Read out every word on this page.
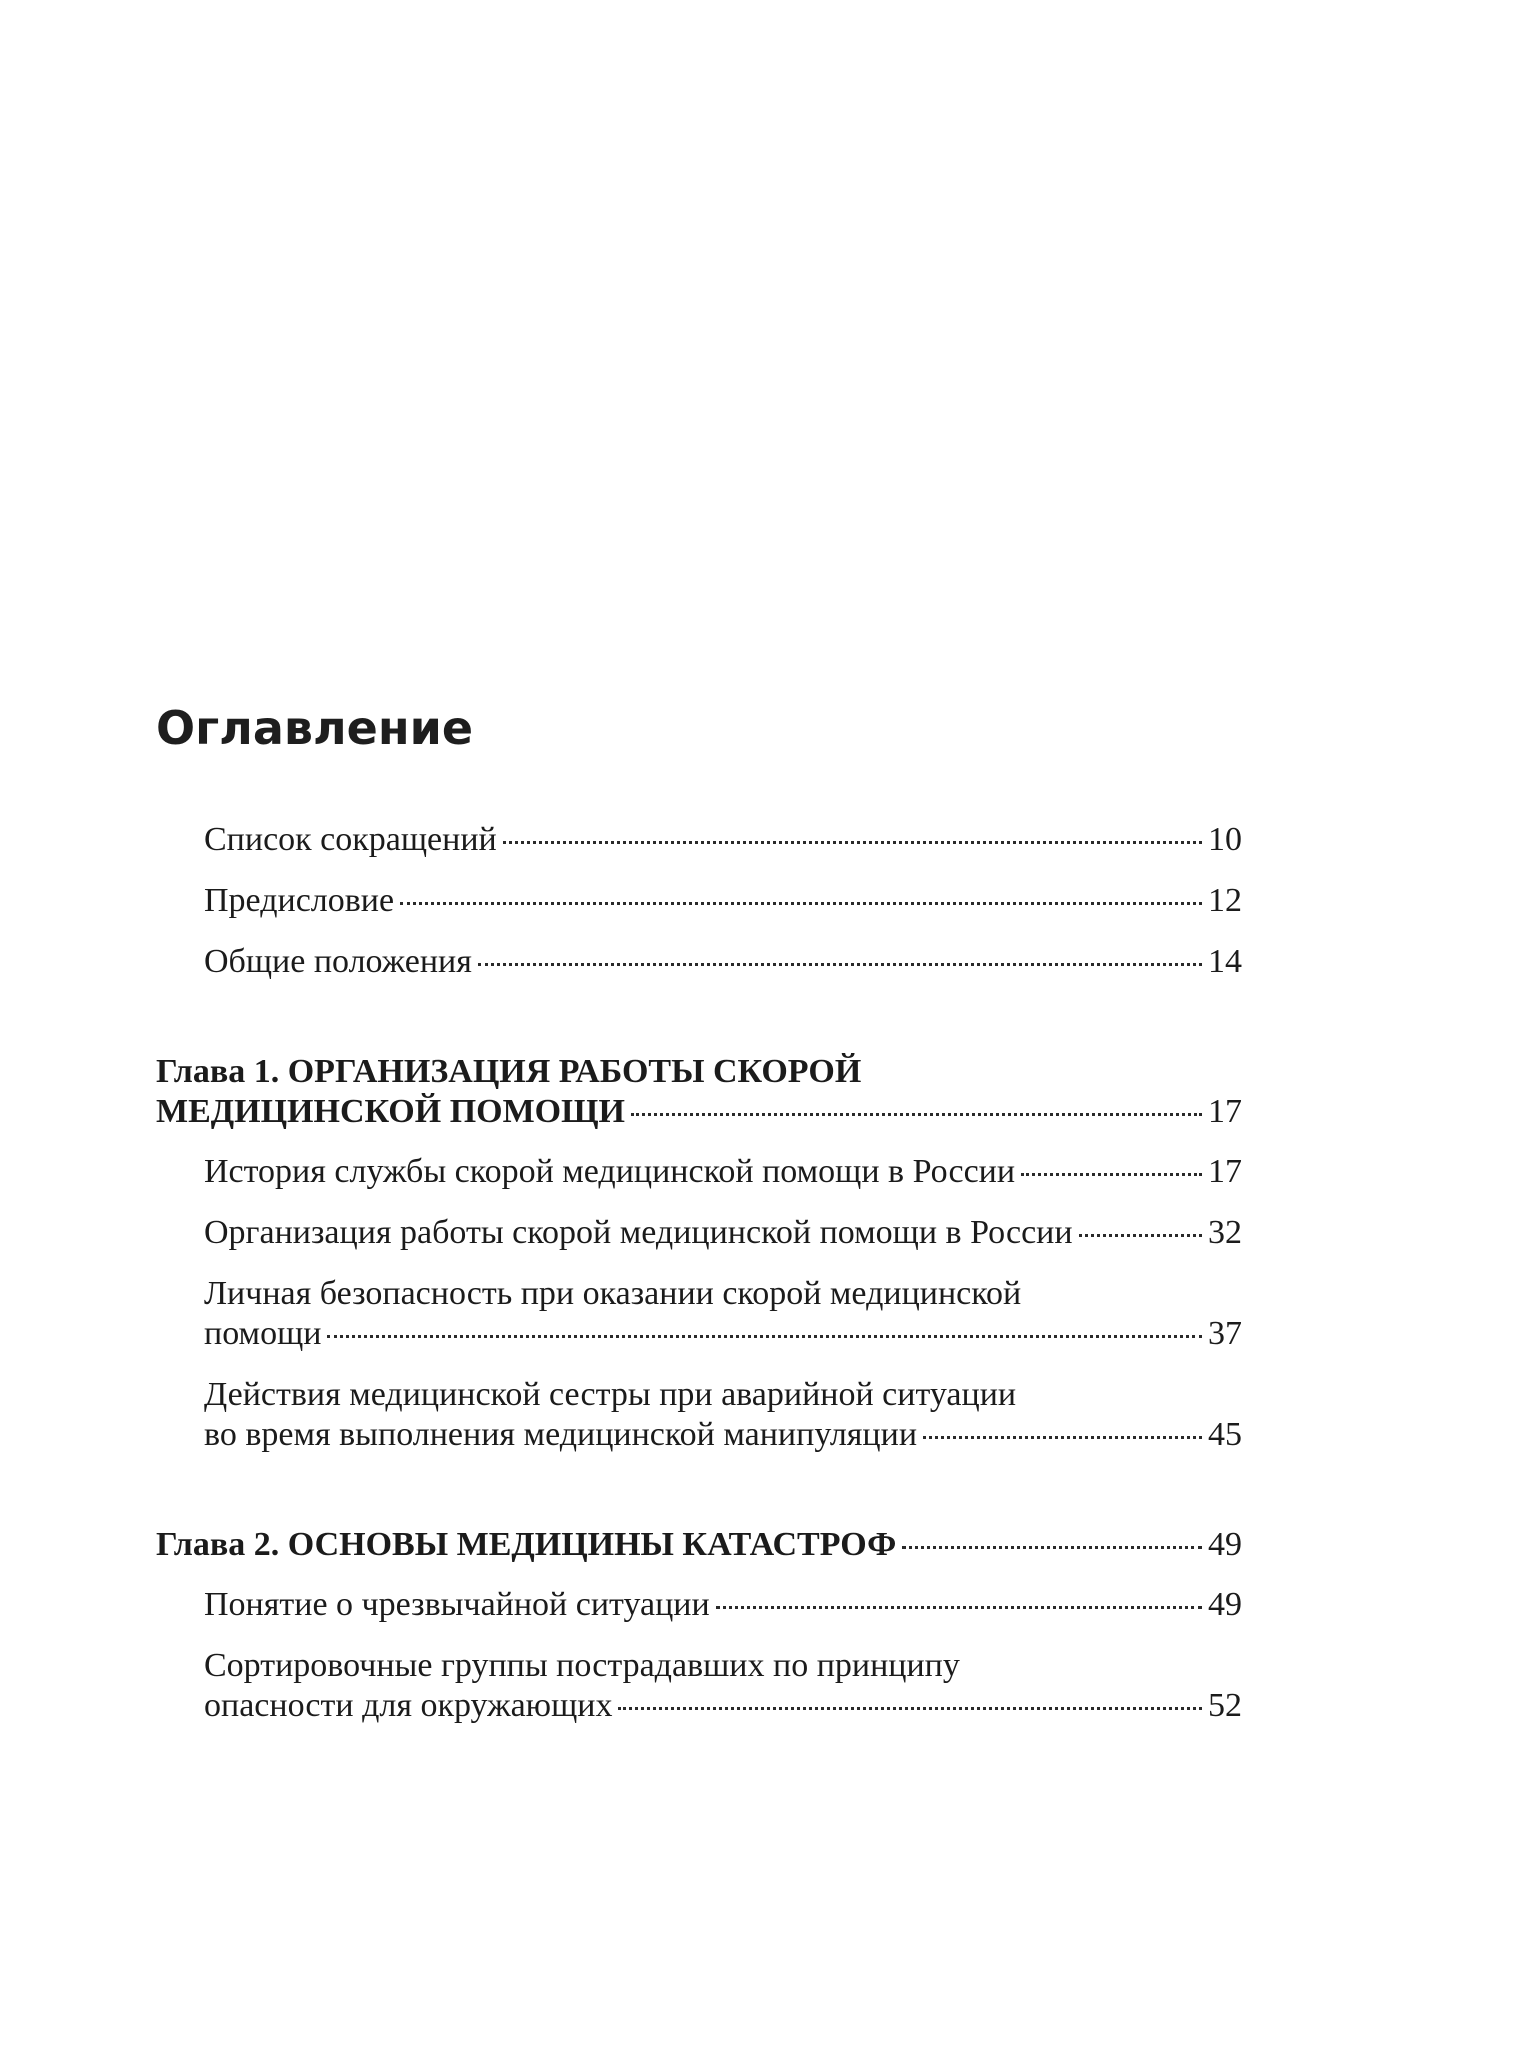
Оглавление
Список сокращений	10
Предисловие	12
Общие положения	14
Глава 1. ОРГАНИЗАЦИЯ РАБОТЫ СКОРОЙ
МЕДИЦИНСКОЙ ПОМОЩИ	17
История службы скорой медицинской помощи в России	17
Организация работы скорой медицинской помощи в России	32
Личная безопасность при оказании скорой медицинской
помощи	37
Действия медицинской сестры при аварийной ситуации
во время выполнения медицинской манипуляции	45
Глава 2. ОСНОВЫ МЕДИЦИНЫ КАТАСТРОФ	49
Понятие о чрезвычайной ситуации	49
Сортировочные группы пострадавших по принципу
опасности для окружающих	52
